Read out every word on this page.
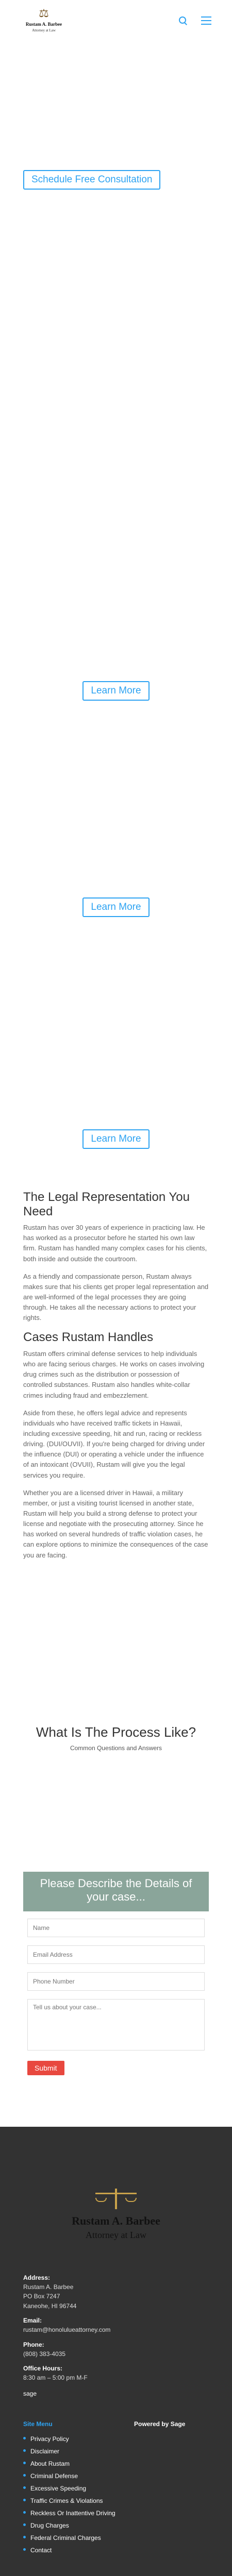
⚖
Rustam A. Barbee
Attorney at Law
Schedule Free Consultation
Learn More
Learn More
Learn More
The Legal Representation You Need

Rustam has over 30 years of experience in practicing law. He has worked as a prosecutor before he started his own law firm. Rustam has handled many complex cases for his clients, both inside and outside the courtroom.

As a friendly and compassionate person, Rustam always makes sure that his clients get proper legal representation and are well-informed of the legal processes they are going through. He takes all the necessary actions to protect your rights.

Cases Rustam Handles

Rustam offers criminal defense services to help individuals who are facing serious charges. He works on cases involving drug crimes such as the distribution or possession of controlled substances. Rustam also handles white-collar crimes including fraud and embezzlement.

Aside from these, he offers legal advice and represents individuals who have received traffic tickets in Hawaii, including excessive speeding, hit and run, racing or reckless driving. (DUI/OUVII). If you're being charged for driving under the influence (DUI) or operating a vehicle under the influence of an intoxicant (OVUII), Rustam will give you the legal services you require.

Whether you are a licensed driver in Hawaii, a military member, or just a visiting tourist licensed in another state, Rustam will help you build a strong defense to protect your license and negotiate with the prosecuting attorney. Since he has worked on several hundreds of traffic violation cases, he can explore options to minimize the consequences of the case you are facing.

What Is The Process Like?
Common Questions and Answers
Please Describe the Details of your case...
Name Email Address Phone Number
Tell us about your case... Submit
Rustam A. Barbee
Attorney at Law
Address:
Rustam A. Barbee
PO Box 7247
Kaneohe, HI 96744
Email:
rustam@honolulueattorney.com
Phone:
(808) 383-4035
Office Hours:
8:30 am – 5:00 pm M-F
sage
Site Menu
Privacy Policy
Disclaimer
About Rustam
Criminal Defense
Excessive Speeding
Traffic Crimes & Violations
Reckless Or Inattentive Driving
Drug Charges
Federal Criminal Charges
Contact
Powered by Sage
